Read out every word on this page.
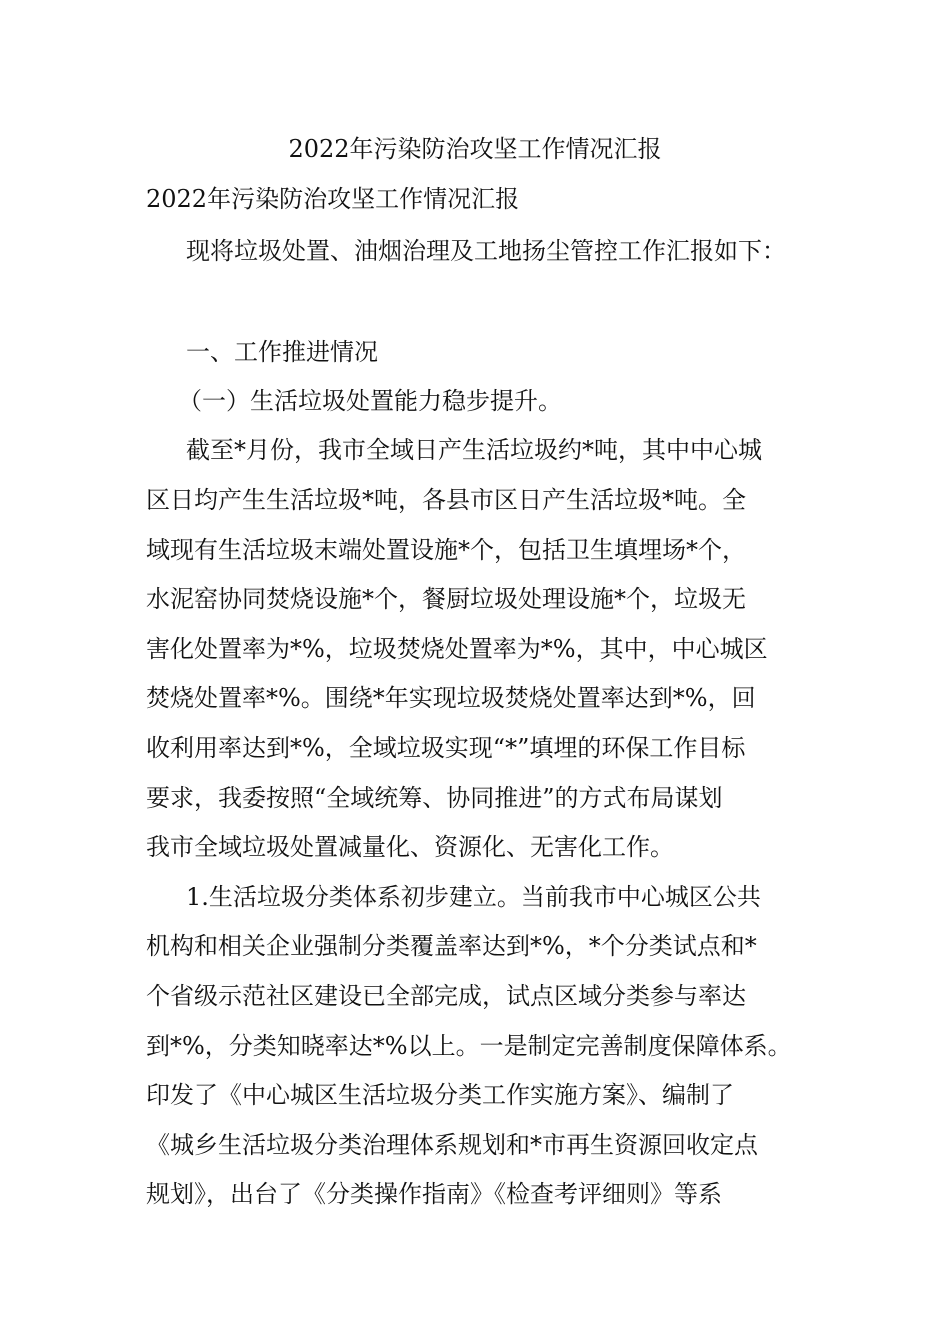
2022年污染防治攻坚工作情况汇报
2022年污染防治攻坚工作情况汇报
现将垃圾处置、油烟治理及工地扬尘管控工作汇报如下：
一、工作推进情况
（一）生活垃圾处置能力稳步提升。
截至*月份，我市全域日产生活垃圾约*吨，其中中心城
区日均产生生活垃圾*吨，各县市区日产生活垃圾*吨。全
域现有生活垃圾末端处置设施*个，包括卫生填埋场*个，
水泥窑协同焚烧设施*个，餐厨垃圾处理设施*个，垃圾无
害化处置率为*%，垃圾焚烧处置率为*%，其中，中心城区
焚烧处置率*%。围绕*年实现垃圾焚烧处置率达到*%，回
收利用率达到*%，全域垃圾实现“*”填埋的环保工作目标
要求，我委按照“全域统筹、协同推进”的方式布局谋划
我市全域垃圾处置减量化、资源化、无害化工作。
1.生活垃圾分类体系初步建立。当前我市中心城区公共
机构和相关企业强制分类覆盖率达到*%，*个分类试点和*
个省级示范社区建设已全部完成，试点区域分类参与率达
到*%，分类知晓率达*%以上。一是制定完善制度保障体系。
印发了《中心城区生活垃圾分类工作实施方案》、编制了
《城乡生活垃圾分类治理体系规划和*市再生资源回收定点
规划》，出台了《分类操作指南》《检查考评细则》等系
